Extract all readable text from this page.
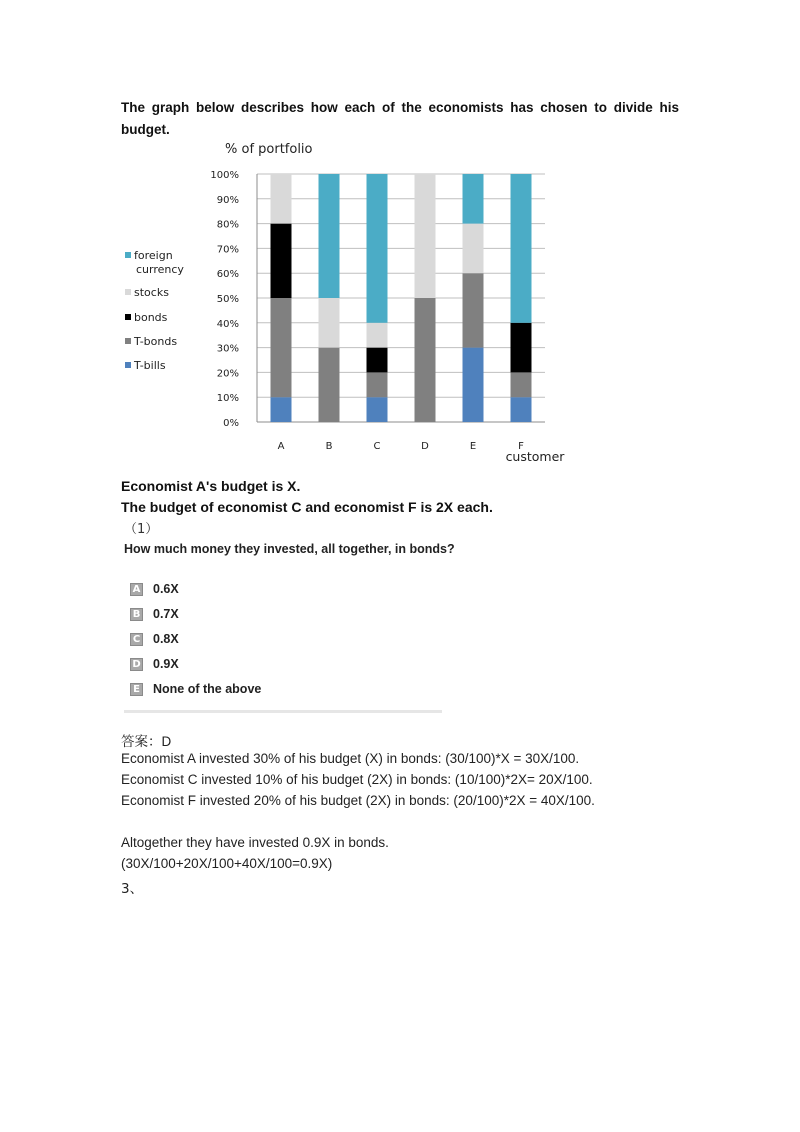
The graph below describes how each of the economists has chosen to divide his budget.
0%
10%
20%
30%
40%
50%
60%
70%
80%
90%
100%
% of portfolio
A	B	C	D	E	F
customer
foreign
currency
stocks
bonds
T-bonds
T-bills
Economist A's budget is X.
The budget of economist C and economist F is 2X each.
（1）
How much money they invested, all together, in bonds?
A 0.6X
B 0.7X
C 0.8X
D 0.9X
E None of the above
答案：D
Economist A invested 30% of his budget (X) in bonds: (30/100)*X = 30X/100.
Economist C invested 10% of his budget (2X) in bonds: (10/100)*2X= 20X/100.
Economist F invested 20% of his budget (2X) in bonds: (20/100)*2X = 40X/100.
Altogether they have invested 0.9X in bonds.
(30X/100+20X/100+40X/100=0.9X)
3、
